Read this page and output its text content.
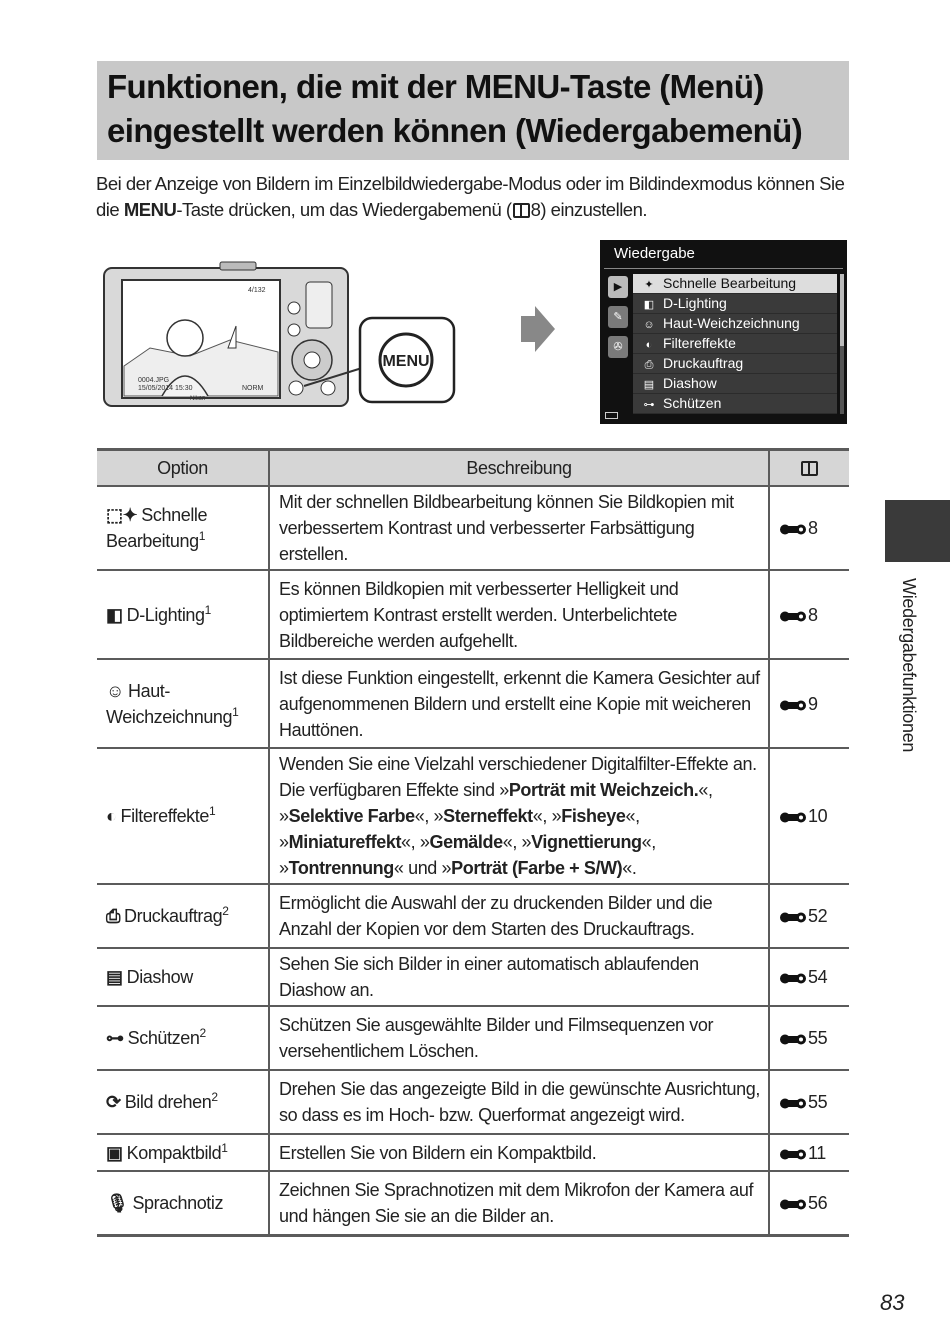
Funktionen, die mit der MENU-Taste (Menü) eingestellt werden können (Wiedergabemenü)

Bei der Anzeige von Bildern im Einzelbildwiedergabe-Modus oder im Bildindexmodus können Sie die MENU-Taste drücken, um das Wiedergabemenü ( 8) einzustellen.

4/132
0004.JPG
15/05/2014 15:30	NORM
Nikon
MENU
Wiedergabe
▶
✎
✇
✦ Schnelle Bearbeitung
◧ D-Lighting
☺ Haut-Weichzeichnung
◐ Filtereffekte
⎙ Druckauftrag
▤ Diashow
⊶ Schützen
Option	Beschreibung	
⬚✦ Schnelle Bearbeitung$^1$	Mit der schnellen Bildbearbeitung können Sie Bildkopien mit verbessertem Kontrast und verbesserter Farbsättigung erstellen.	8
◧ D-Lighting$^1$	Es können Bildkopien mit verbesserter Helligkeit und optimiertem Kontrast erstellt werden. Unterbelichtete Bildbereiche werden aufgehellt.	8
☺ Haut-Weichzeichnung$^1$	Ist diese Funktion eingestellt, erkennt die Kamera Gesichter auf aufgenommenen Bildern und erstellt eine Kopie mit weicheren Hauttönen.	9
◐ Filtereffekte$^1$	Wenden Sie eine Vielzahl verschiedener Digitalfilter-Effekte an. Die verfügbaren Effekte sind »Porträt mit Weichzeich.«, »Selektive Farbe«, »Sterneffekt«, »Fisheye«, »Miniatureffekt«, »Gemälde«, »Vignettierung«, »Tontrennung« und »Porträt (Farbe + S/W)«.	10
⎙ Druckauftrag$^2$	Ermöglicht die Auswahl der zu druckenden Bilder und die Anzahl der Kopien vor dem Starten des Druckauftrags.	52
▤ Diashow	Sehen Sie sich Bilder in einer automatisch ablaufenden Diashow an.	54
⊶ Schützen$^2$	Schützen Sie ausgewählte Bilder und Filmsequenzen vor versehentlichem Löschen.	55
⟳ Bild drehen$^2$	Drehen Sie das angezeigte Bild in die gewünschte Ausrichtung, so dass es im Hoch- bzw. Querformat angezeigt wird.	55
▣ Kompaktbild$^1$	Erstellen Sie von Bildern ein Kompaktbild.	11
🎙 Sprachnotiz	Zeichnen Sie Sprachnotizen mit dem Mikrofon der Kamera auf und hängen Sie sie an die Bilder an.	56
Wiedergabefunktionen
83
